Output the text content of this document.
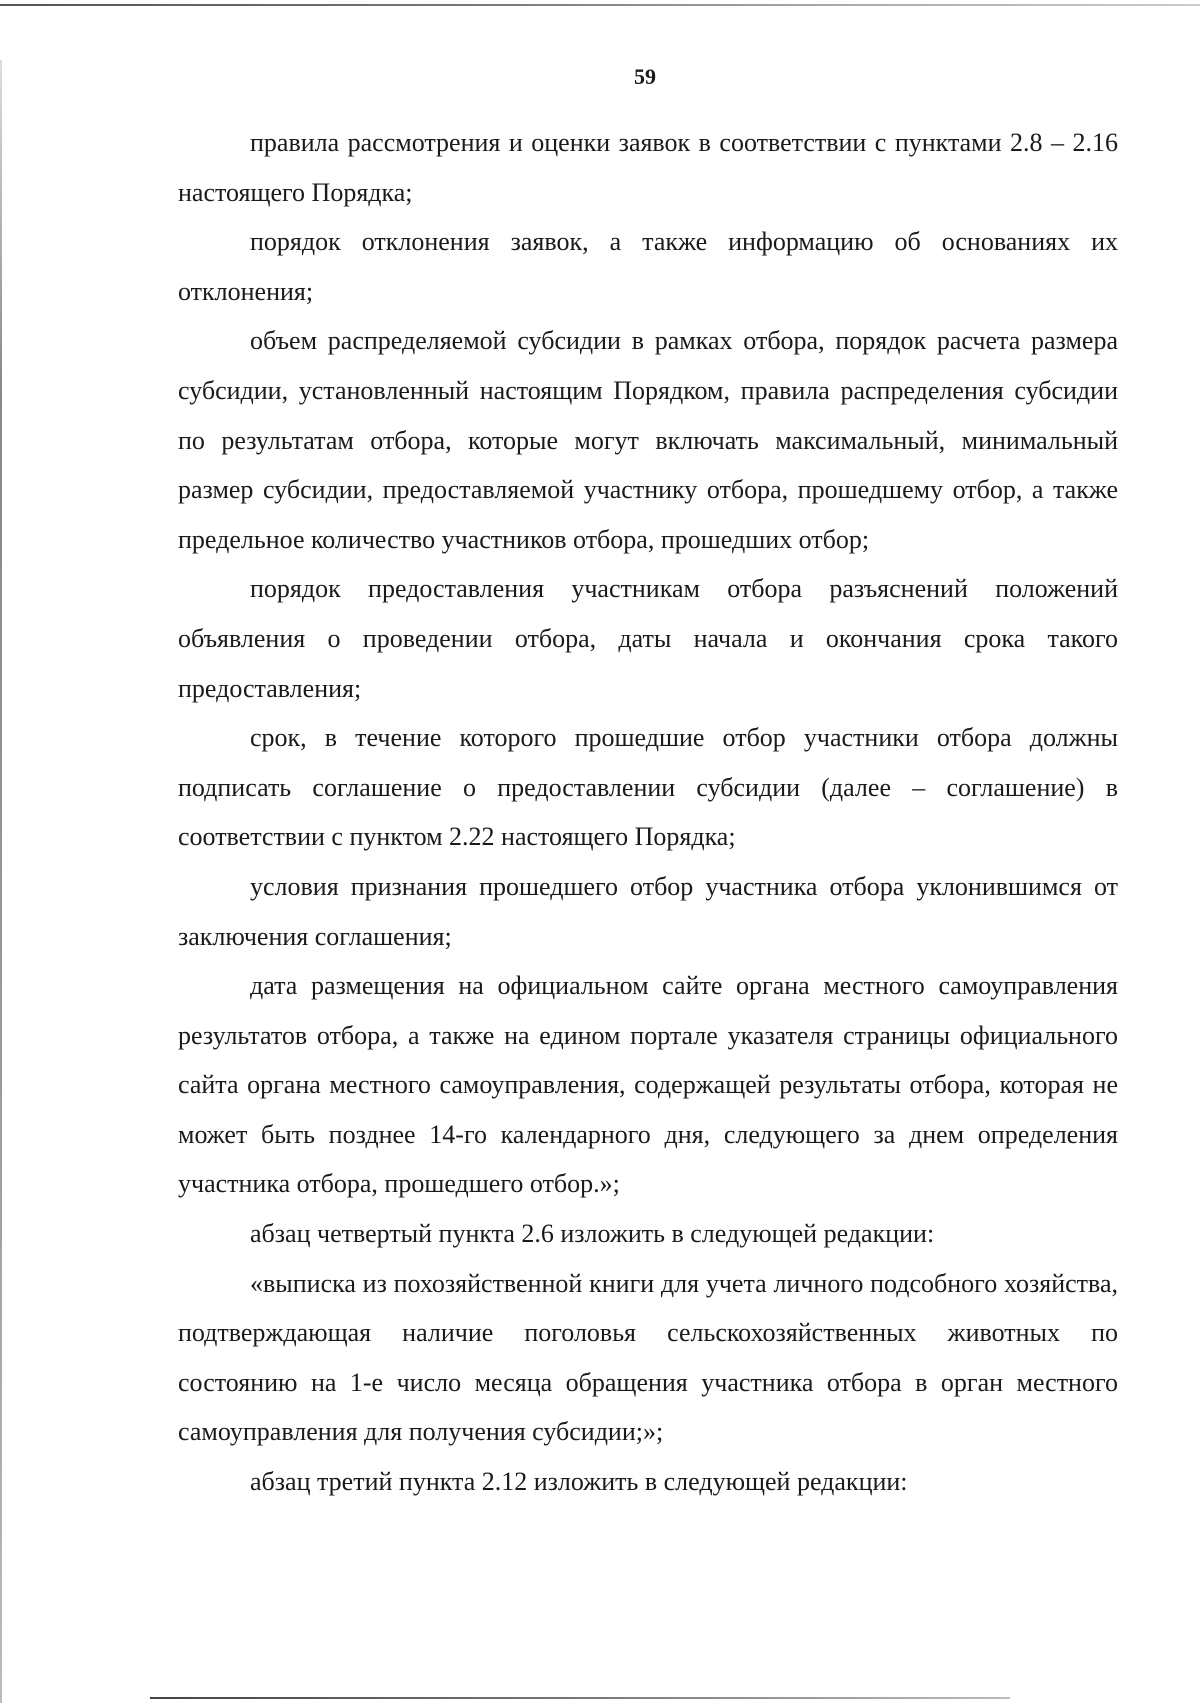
59

правила рассмотрения и оценки заявок в соответствии с пунктами 2.8 – 2.16 настоящего Порядка;

порядок отклонения заявок, а также информацию об основаниях их отклонения;

объем распределяемой субсидии в рамках отбора, порядок расчета размера субсидии, установленный настоящим Порядком, правила распределения субсидии по результатам отбора, которые могут включать максимальный, минимальный размер субсидии, предоставляемой участнику отбора, прошедшему отбор, а также предельное количество участников отбора, прошедших отбор;

порядок предоставления участникам отбора разъяснений положений объявления о проведении отбора, даты начала и окончания срока такого предоставления;

срок, в течение которого прошедшие отбор участники отбора должны подписать соглашение о предоставлении субсидии (далее – соглашение) в соответствии с пунктом 2.22 настоящего Порядка;

условия признания прошедшего отбор участника отбора уклонившимся от заключения соглашения;

дата размещения на официальном сайте органа местного самоуправления результатов отбора, а также на едином портале указателя страницы официального сайта органа местного самоуправления, содержащей результаты отбора, которая не может быть позднее 14-го календарного дня, следующего за днем определения участника отбора, прошедшего отбор.»;

абзац четвертый пункта 2.6 изложить в следующей редакции:

«выписка из похозяйственной книги для учета личного подсобного хозяйства, подтверждающая наличие поголовья сельскохозяйственных животных по состоянию на 1-е число месяца обращения участника отбора в орган местного самоуправления для получения субсидии;»;

абзац третий пункта 2.12 изложить в следующей редакции:
